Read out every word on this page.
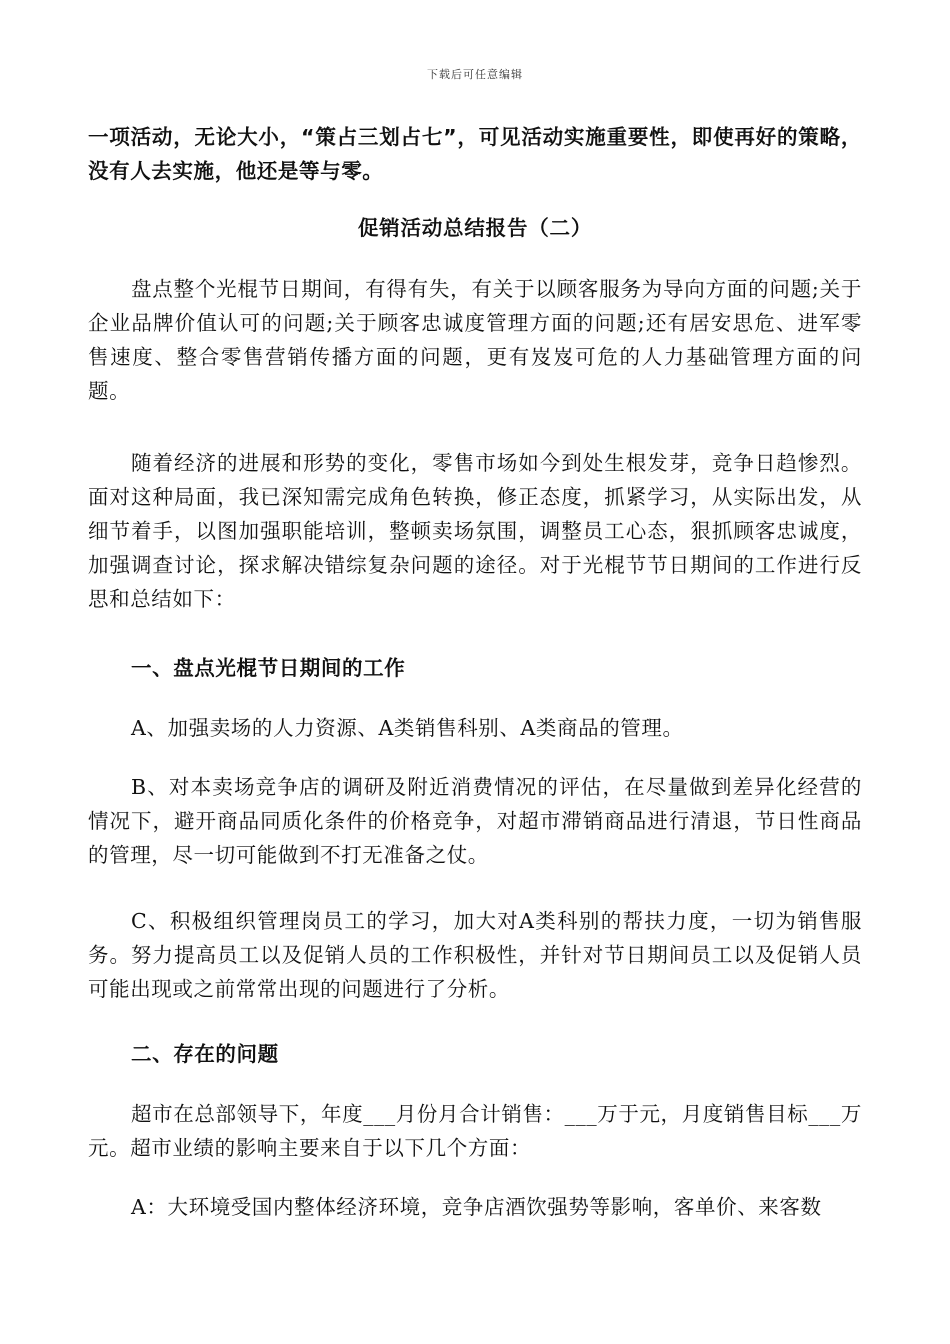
下载后可任意编辑
一项活动，无论大小，“策占三划占七”，可见活动实施重要性，即使再好的策略，没有人去实施，他还是等与零。
促销活动总结报告（二）
盘点整个光棍节日期间，有得有失，有关于以顾客服务为导向方面的问题;关于企业品牌价值认可的问题;关于顾客忠诚度管理方面的问题;还有居安思危、进军零售速度、整合零售营销传播方面的问题，更有岌岌可危的人力基础管理方面的问题。
随着经济的进展和形势的变化，零售市场如今到处生根发芽，竞争日趋惨烈。面对这种局面，我已深知需完成角色转换，修正态度，抓紧学习，从实际出发，从细节着手，以图加强职能培训，整顿卖场氛围，调整员工心态，狠抓顾客忠诚度，加强调查讨论，探求解决错综复杂问题的途径。对于光棍节节日期间的工作进行反思和总结如下：
一、盘点光棍节日期间的工作
A、加强卖场的人力资源、A类销售科别、A类商品的管理。
B、对本卖场竞争店的调研及附近消费情况的评估，在尽量做到差异化经营的情况下，避开商品同质化条件的价格竞争，对超市滞销商品进行清退，节日性商品的管理，尽一切可能做到不打无准备之仗。
C、积极组织管理岗员工的学习，加大对A类科别的帮扶力度，一切为销售服务。努力提高员工以及促销人员的工作积极性，并针对节日期间员工以及促销人员可能出现或之前常常出现的问题进行了分析。
二、存在的问题
超市在总部领导下，年度___月份月合计销售：___万于元，月度销售目标___万元。超市业绩的影响主要来自于以下几个方面：
A：大环境受国内整体经济环境，竞争店酒饮强势等影响，客单价、来客数
